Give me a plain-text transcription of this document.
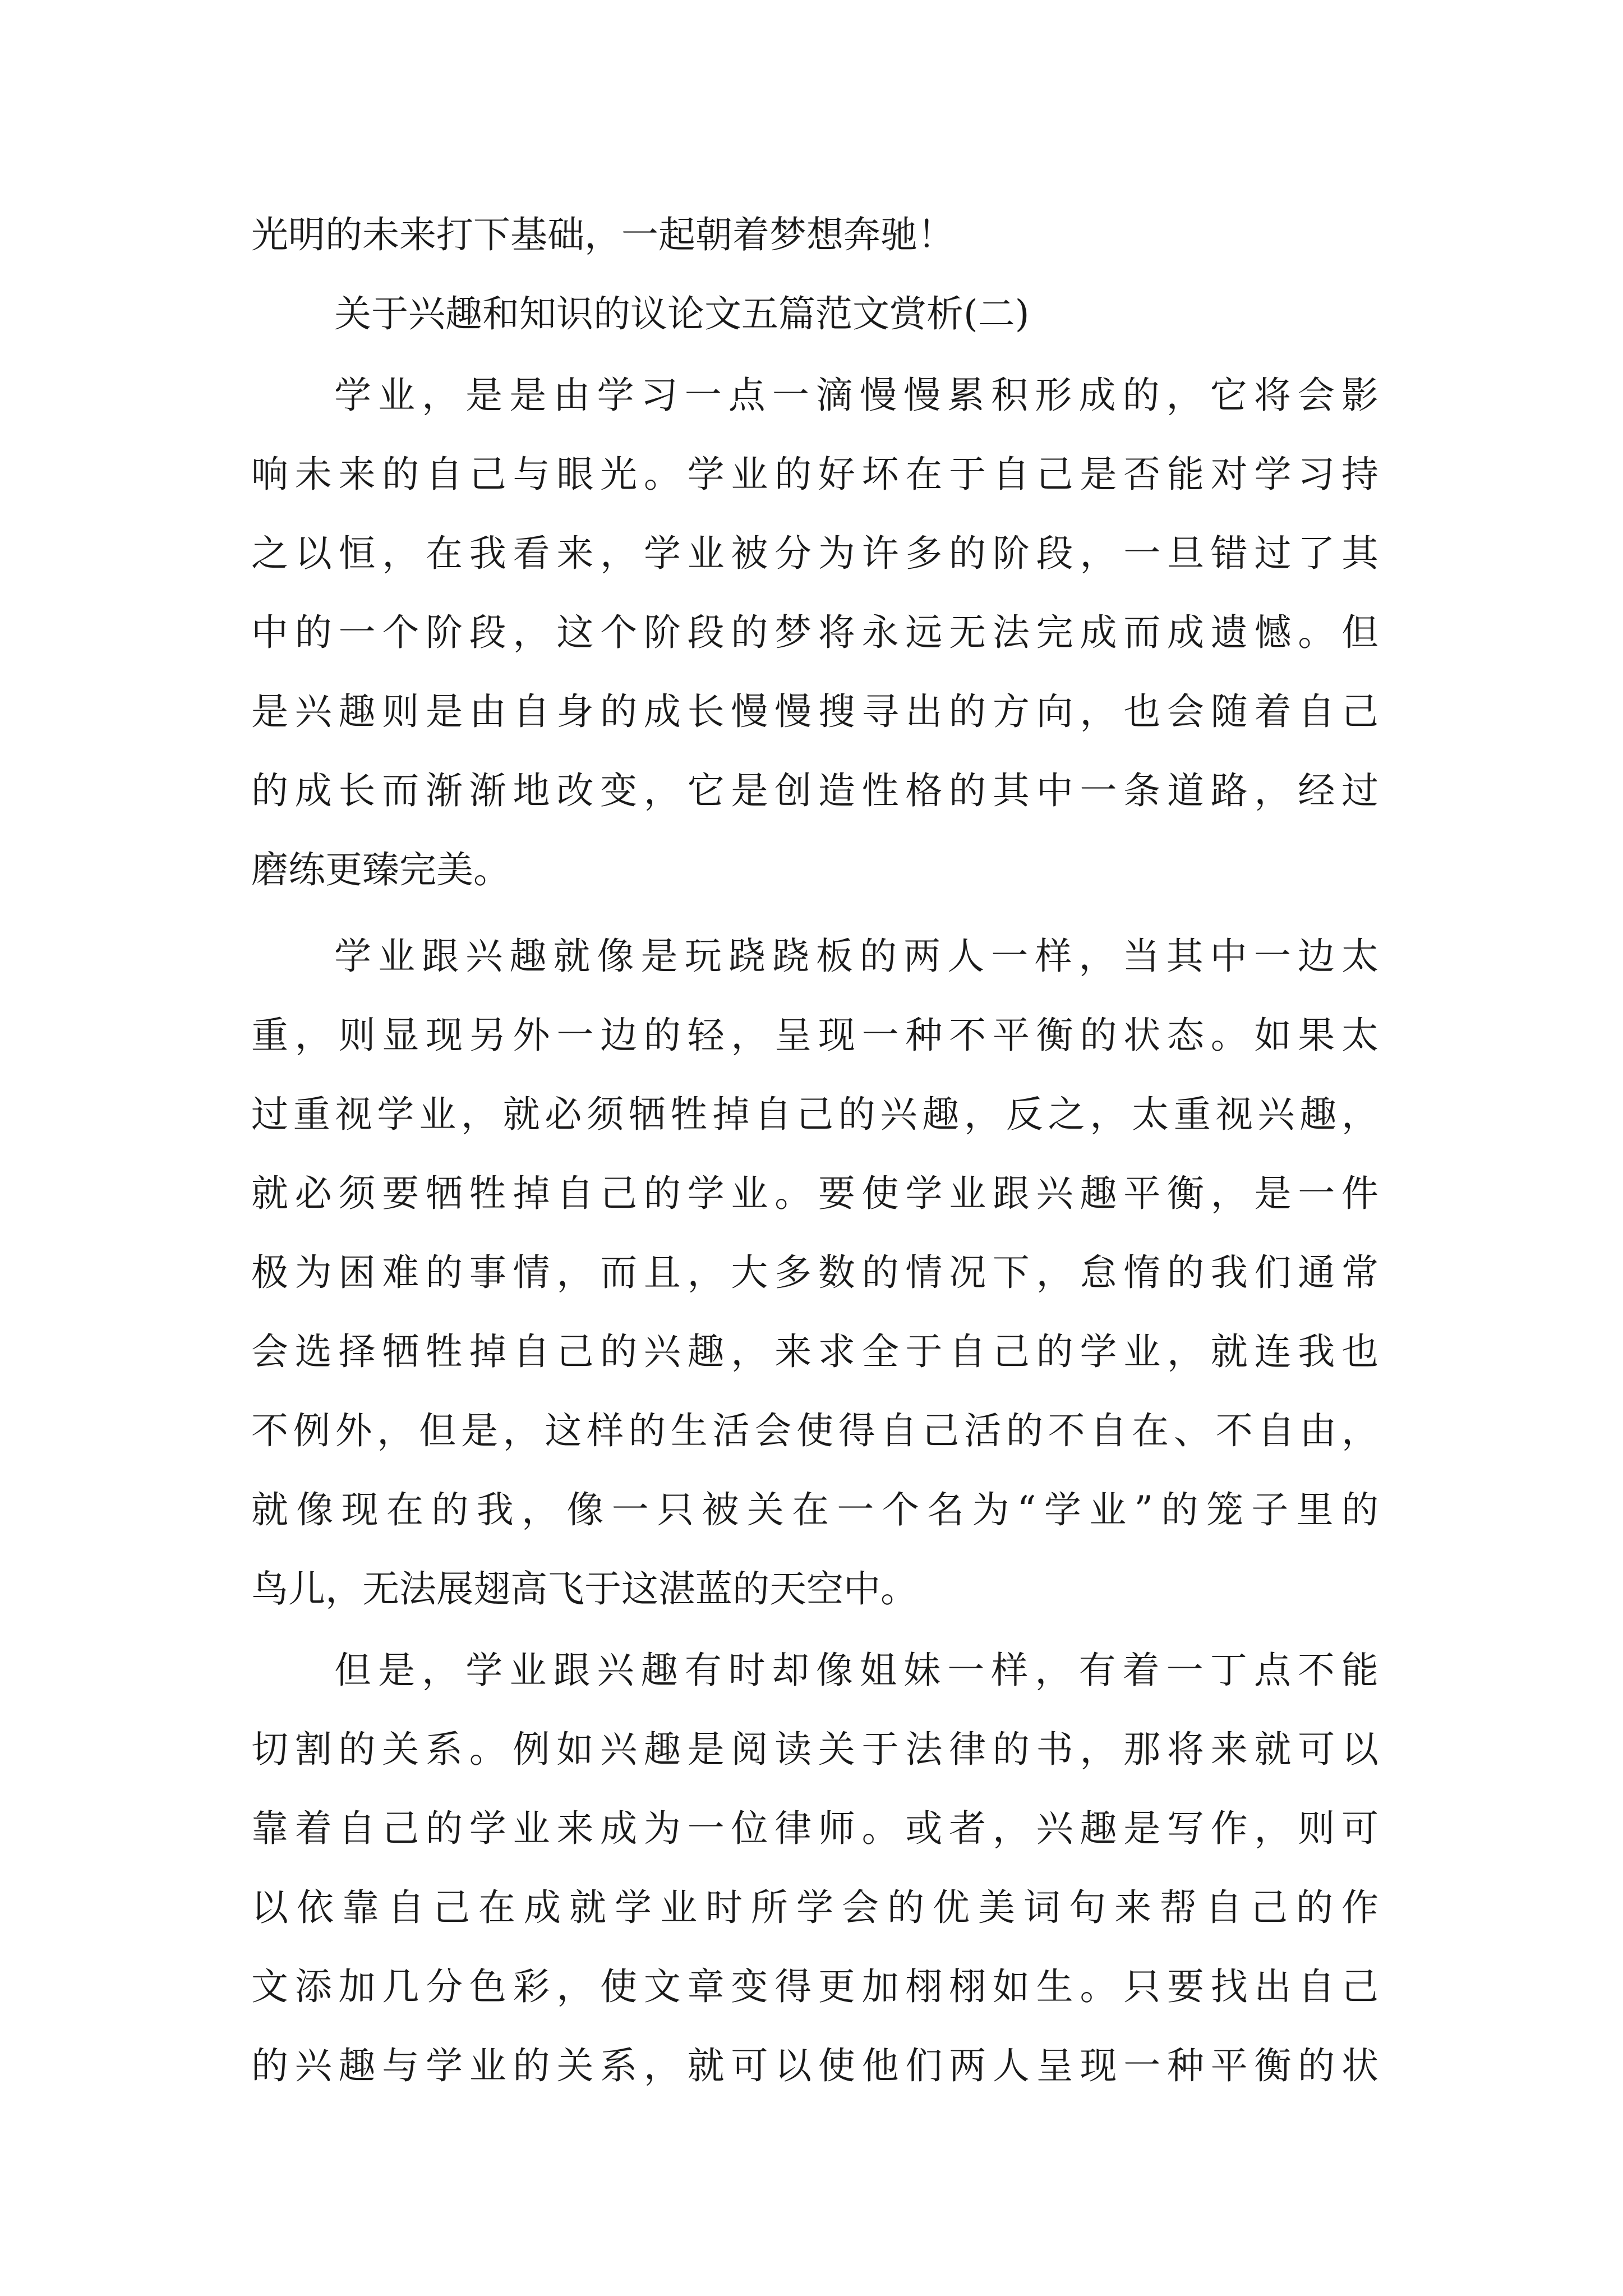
光明的未来打下基础，一起朝着梦想奔驰！
关于兴趣和知识的议论文五篇范文赏析(二)
学业，是是由学习一点一滴慢慢累积形成的，它将会影
响未来的自己与眼光。学业的好坏在于自己是否能对学习持
之以恒，在我看来，学业被分为许多的阶段，一旦错过了其
中的一个阶段，这个阶段的梦将永远无法完成而成遗憾。但
是兴趣则是由自身的成长慢慢搜寻出的方向，也会随着自己
的成长而渐渐地改变，它是创造性格的其中一条道路，经过
磨练更臻完美。
学业跟兴趣就像是玩跷跷板的两人一样，当其中一边太
重，则显现另外一边的轻，呈现一种不平衡的状态。如果太
过重视学业，就必须牺牲掉自己的兴趣，反之，太重视兴趣，
就必须要牺牲掉自己的学业。要使学业跟兴趣平衡，是一件
极为困难的事情，而且，大多数的情况下，怠惰的我们通常
会选择牺牲掉自己的兴趣，来求全于自己的学业，就连我也
不例外，但是，这样的生活会使得自己活的不自在、不自由，
就像现在的我，像一只被关在一个名为“学业”的笼子里的
鸟儿，无法展翅高飞于这湛蓝的天空中。
但是，学业跟兴趣有时却像姐妹一样，有着一丁点不能
切割的关系。例如兴趣是阅读关于法律的书，那将来就可以
靠着自己的学业来成为一位律师。或者，兴趣是写作，则可
以依靠自己在成就学业时所学会的优美词句来帮自己的作
文添加几分色彩，使文章变得更加栩栩如生。只要找出自己
的兴趣与学业的关系，就可以使他们两人呈现一种平衡的状
